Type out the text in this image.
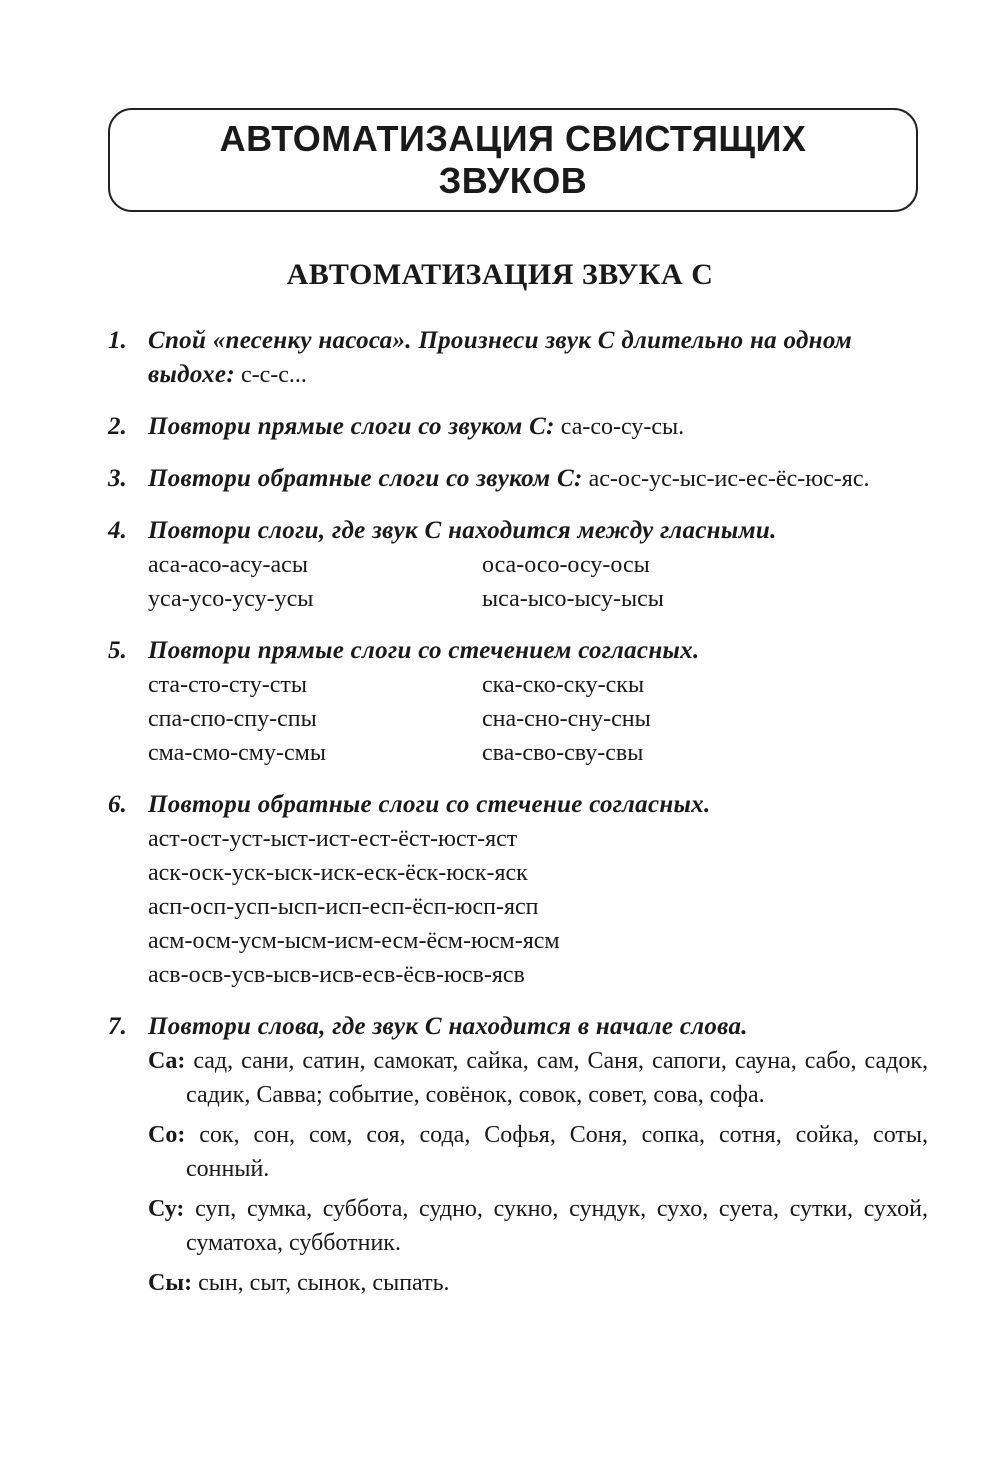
АВТОМАТИЗАЦИЯ СВИСТЯЩИХ
ЗВУКОВ
АВТОМАТИЗАЦИЯ ЗВУКА С
1. Спой «песенку насоса». Произнеси звук С длительно на одном выдохе: с-с-с...
2. Повтори прямые слоги со звуком С: са-со-су-сы.
3. Повтори обратные слоги со звуком С: ас-ос-ус-ыс-ис-ес-ёс-юс-яс.
4. Повтори слоги, где звук С находится между гласными.
аса-асо-асу-асы	оса-осо-осу-осы
уса-усо-усу-усы	ыса-ысо-ысу-ысы
5. Повтори прямые слоги со стечением согласных.
ста-сто-сту-сты	ска-ско-ску-скы
спа-спо-спу-спы	сна-сно-сну-сны
сма-смо-сму-смы	сва-сво-сву-свы
6. Повтори обратные слоги со стечение согласных.
аст-ост-уст-ыст-ист-ест-ёст-юст-яст
аск-оск-уск-ыск-иск-еск-ёск-юск-яск
асп-осп-усп-ысп-исп-есп-ёсп-юсп-ясп
асм-осм-усм-ысм-исм-есм-ёсм-юсм-ясм
асв-осв-усв-ысв-исв-есв-ёсв-юсв-ясв
7. Повтори слова, где звук С находится в начале слова.
Са: сад, сани, сатин, самокат, сайка, сам, Саня, сапоги, сауна, сабо, садок, садик, Савва; событие, совёнок, совок, совет, сова, софа.
Со: сок, сон, сом, соя, сода, Софья, Соня, сопка, сотня, сойка, соты, сонный.
Су: суп, сумка, суббота, судно, сукно, сундук, сухо, суета, сутки, сухой, суматоха, субботник.
Сы: сын, сыт, сынок, сыпать.
